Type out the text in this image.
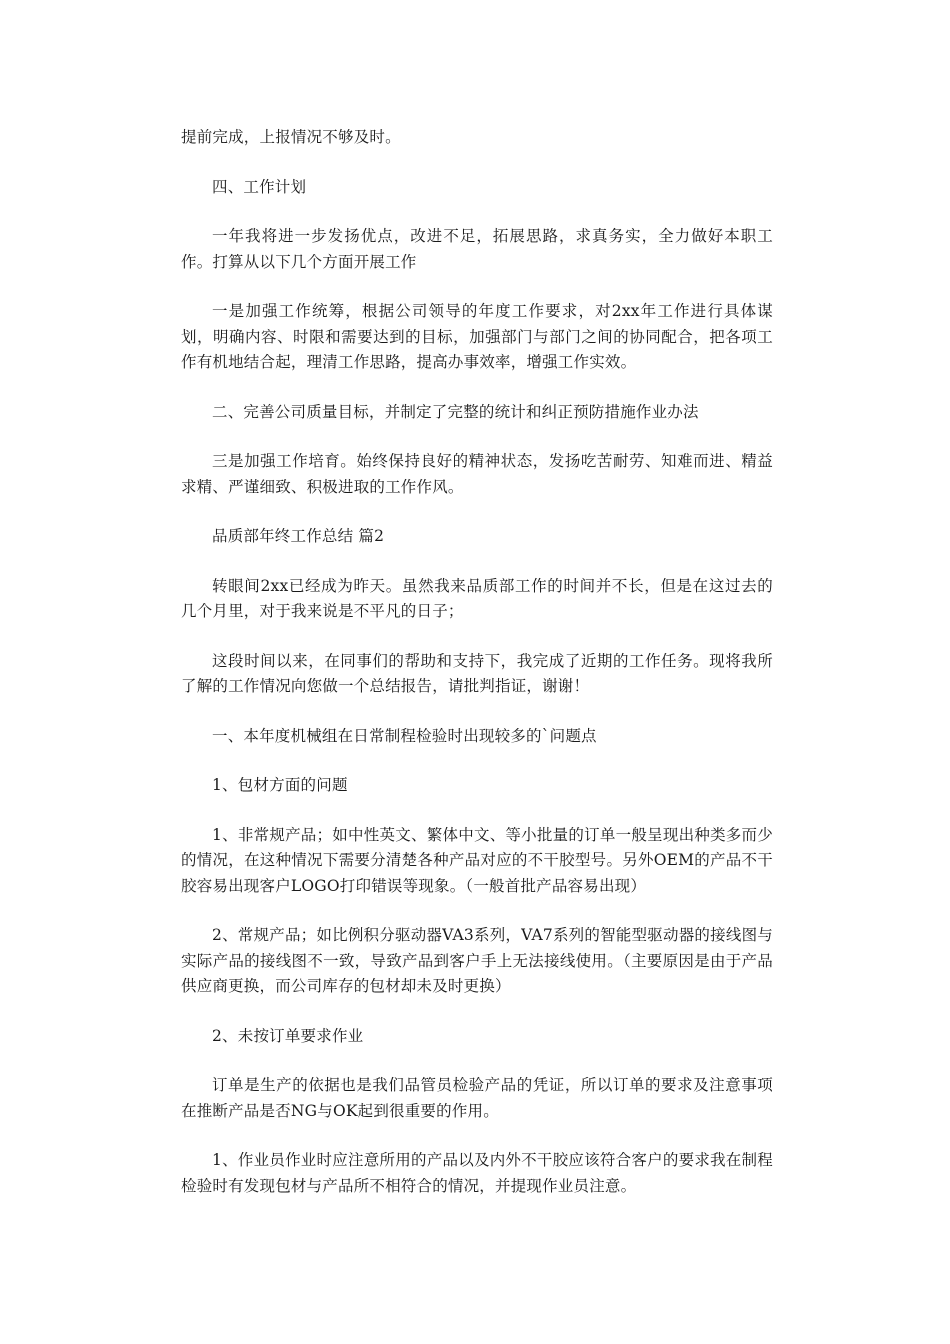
提前完成，上报情况不够及时。

四、工作计划

一年我将进一步发扬优点，改进不足，拓展思路，求真务实，全力做好本职工作。打算从以下几个方面开展工作

一是加强工作统筹，根据公司领导的年度工作要求，对2xx年工作进行具体谋划，明确内容、时限和需要达到的目标，加强部门与部门之间的协同配合，把各项工作有机地结合起，理清工作思路，提高办事效率，增强工作实效。

二、完善公司质量目标，并制定了完整的统计和纠正预防措施作业办法

三是加强工作培育。始终保持良好的精神状态，发扬吃苦耐劳、知难而进、精益求精、严谨细致、积极进取的工作作风。

品质部年终工作总结 篇2

转眼间2xx已经成为昨天。虽然我来品质部工作的时间并不长，但是在这过去的几个月里，对于我来说是不平凡的日子；

这段时间以来，在同事们的帮助和支持下，我完成了近期的工作任务。现将我所了解的工作情况向您做一个总结报告，请批判指证，谢谢！

一、本年度机械组在日常制程检验时出现较多的`问题点

1、包材方面的问题

1、非常规产品；如中性英文、繁体中文、等小批量的订单一般呈现出种类多而少的情况，在这种情况下需要分清楚各种产品对应的不干胶型号。另外OEM的产品不干胶容易出现客户LOGO打印错误等现象。（一般首批产品容易出现）

2、常规产品；如比例积分驱动器VA3系列，VA7系列的智能型驱动器的接线图与实际产品的接线图不一致，导致产品到客户手上无法接线使用。（主要原因是由于产品供应商更换，而公司库存的包材却未及时更换）

2、未按订单要求作业

订单是生产的依据也是我们品管员检验产品的凭证，所以订单的要求及注意事项在推断产品是否NG与OK起到很重要的作用。

1、作业员作业时应注意所用的产品以及内外不干胶应该符合客户的要求我在制程检验时有发现包材与产品所不相符合的情况，并提现作业员注意。
